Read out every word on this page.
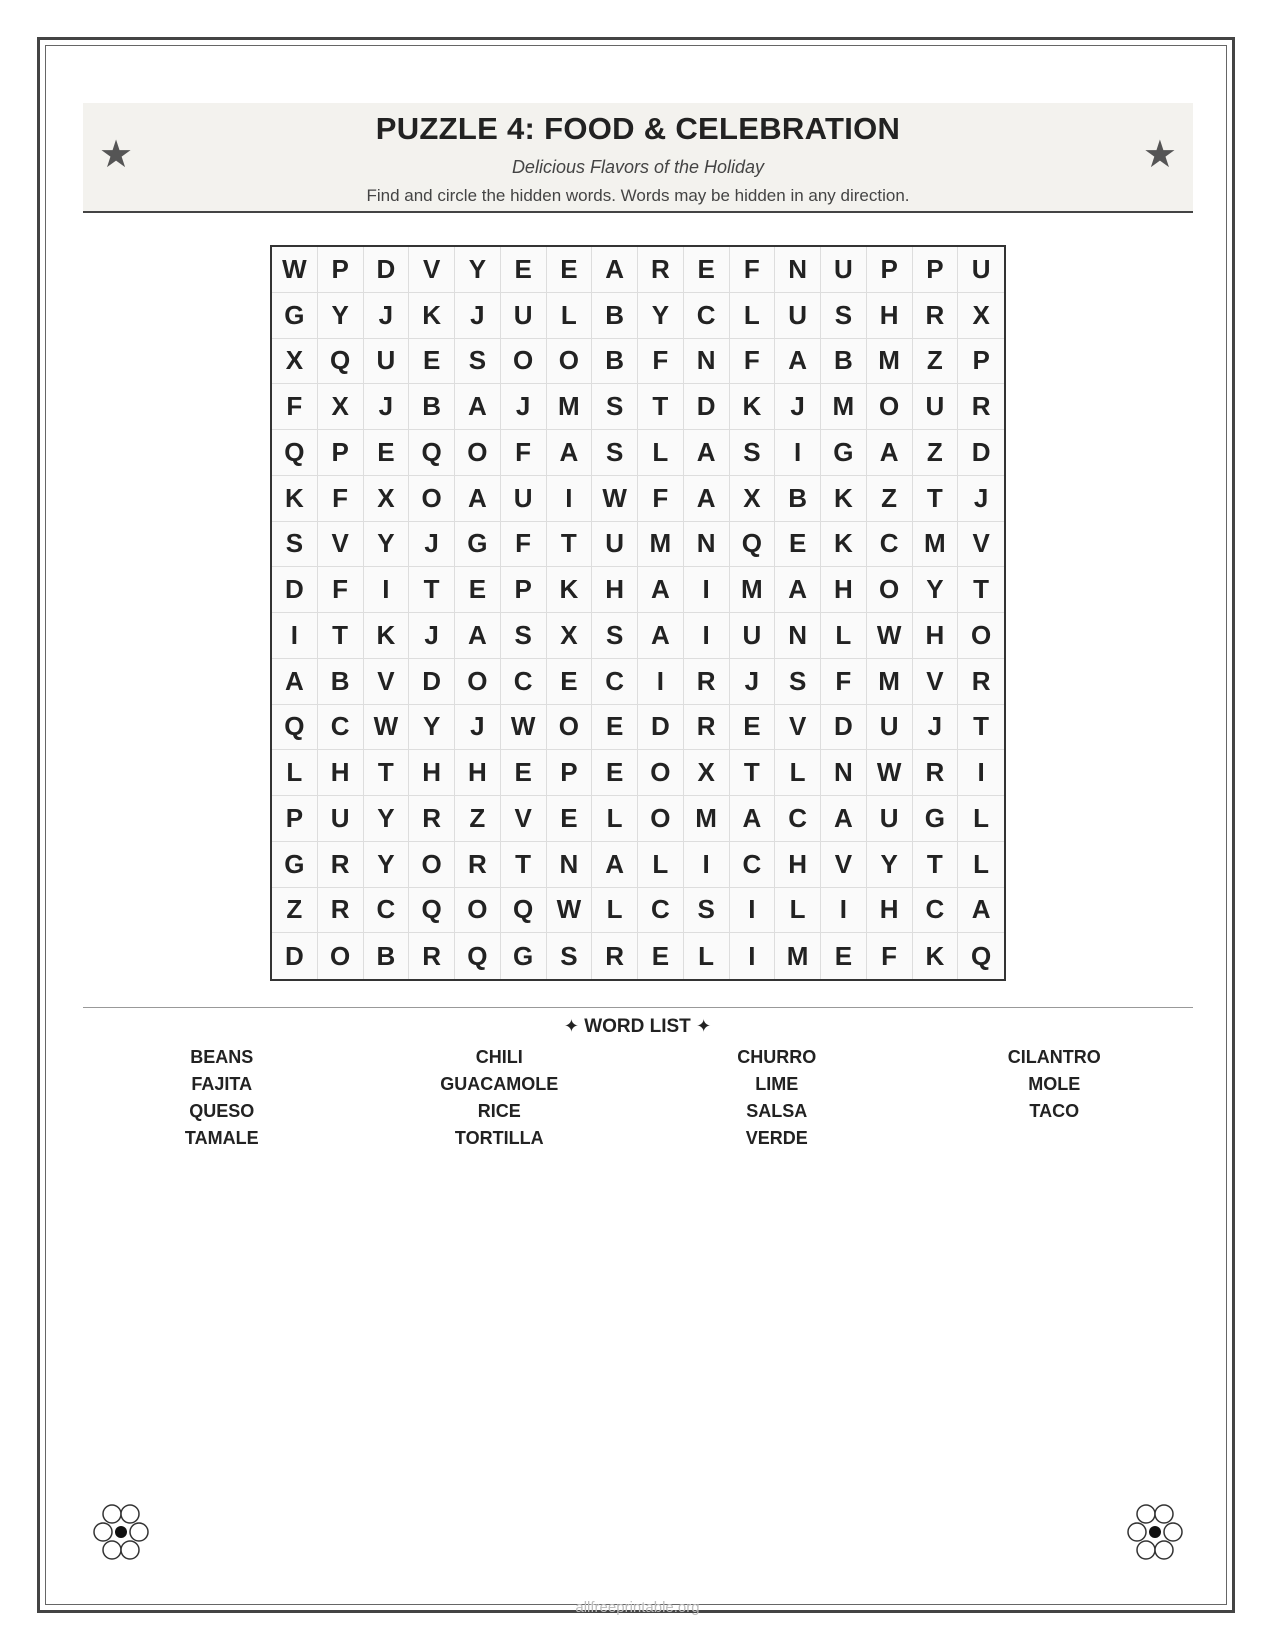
★
PUZZLE 4: FOOD & CELEBRATION
Delicious Flavors of the Holiday
Find and circle the hidden words. Words may be hidden in any direction.
★
W P	D	V	Y	E	E	A	R	E	F	N	U	P	P	U
G	Y	J	K	J	U	L	B	Y	C	L	U	S	H	R	X
X	Q	U	E	S	O O	B	F	N	F	A	B M	Z	P
F	X	J	B	A	J	M	S	T	D	K	J	M O	U	R
Q	P	E	Q O	F	A	S	L	A	S	I	G	A	Z	D
K	F	X	O	A	U	I	W F	A	X	B	K	Z	T	J
S	V	Y	J	G	F	T	U M N	Q	E	K	C M	V
D	F	I	T	E	P	K	H	A	I	M A	H	O	Y	T
I	T	K	J	A	S	X	S	A	I	U	N	L W H	O
A	B	V	D	O	C	E	C	I	R	J	S	F	M	V	R
Q	C W Y	J	W O	E	D	R	E	V	D	U	J	T
L	H	T	H	H	E	P	E	O	X	T	L	N W R	I
P	U	Y	R	Z	V	E	L	O M A	C	A	U	G	L
G	R	Y	O	R	T	N	A	L	I	C	H	V	Y	T	L
Z	R	C	Q O Q W L	C	S	I	L	I	H	C	A
D	O	B	R	Q G	S	R	E	L	I	M	E	F	K	Q
✦ WORD LIST ✦
BEANS	CHILI	CHURRO	CILANTRO
FAJITA	GUACAMOLE	LIME	MOLE
QUESO	RICE	SALSA	TACO
TAMALE	TORTILLA	VERDE
allfreeprintable.org
